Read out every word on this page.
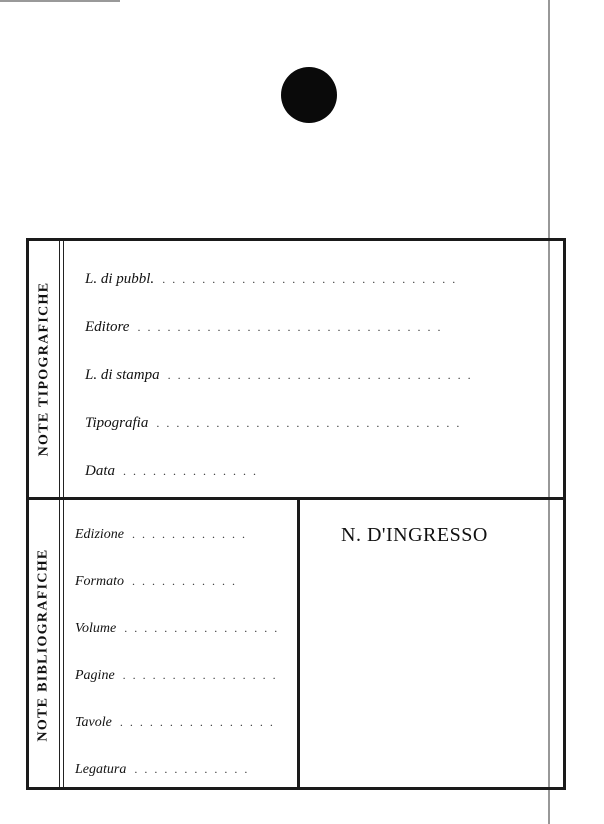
NOTE TIPOGRAFICHE
NOTE BIBLIOGRAFICHE
L. di pubbl. . . . . . . . . . . . . . . . . . . . . . . . . . . . . . .
Editore . . . . . . . . . . . . . . . . . . . . . . . . . . . . . . .
L. di stampa . . . . . . . . . . . . . . . . . . . . . . . . . . . . . . .
Tipografia . . . . . . . . . . . . . . . . . . . . . . . . . . . . . . .
Data . . . . . . . . . . . . . .
Edizione . . . . . . . . . . . .
Formato . . . . . . . . . . .
Volume . . . . . . . . . . . . . . . .
Pagine . . . . . . . . . . . . . . . .
Tavole . . . . . . . . . . . . . . . .
Legatura . . . . . . . . . . . .
N. D'INGRESSO
